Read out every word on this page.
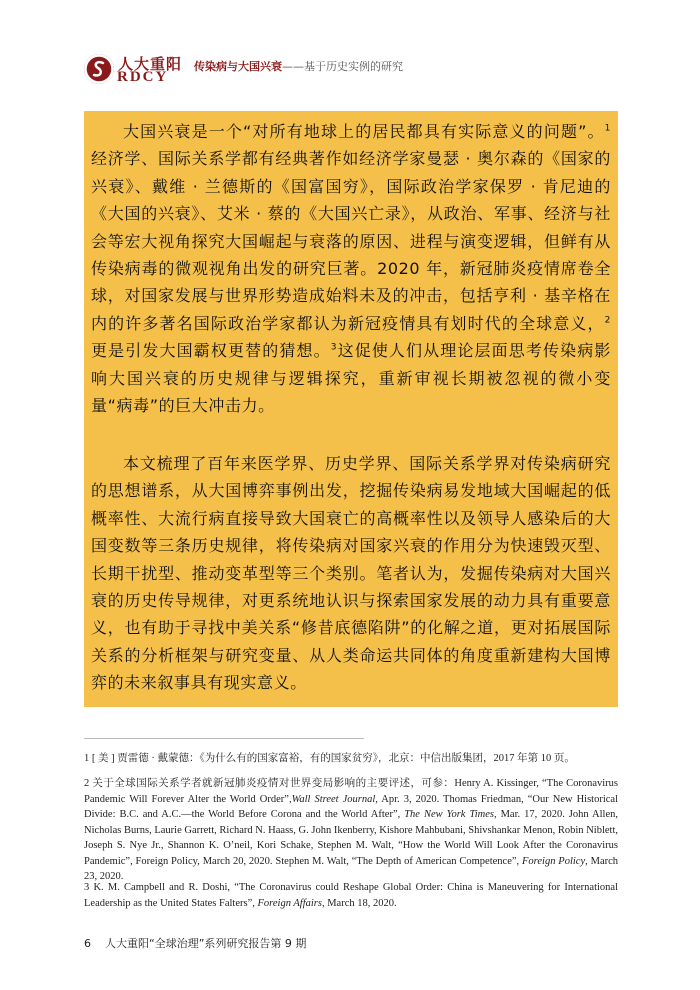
人大重阳
RDCY
传染病与大国兴衰——基于历史实例的研究
大国兴衰是一个“对所有地球上的居民都具有实际意义的问题”。$^1$经济学、国际关系学都有经典著作如经济学家曼瑟 · 奥尔森的《国家的兴衰》、戴维 · 兰德斯的《国富国穷》，国际政治学家保罗 · 肯尼迪的《大国的兴衰》、艾米 · 蔡的《大国兴亡录》，从政治、军事、经济与社会等宏大视角探究大国崛起与衰落的原因、进程与演变逻辑，但鲜有从传染病毒的微观视角出发的研究巨著。2020 年，新冠肺炎疫情席卷全球，对国家发展与世界形势造成始料未及的冲击，包括亨利 · 基辛格在内的许多著名国际政治学家都认为新冠疫情具有划时代的全球意义，$^2$更是引发大国霸权更替的猜想。$^3$这促使人们从理论层面思考传染病影响大国兴衰的历史规律与逻辑探究，重新审视长期被忽视的微小变量“病毒”的巨大冲击力。
本文梳理了百年来医学界、历史学界、国际关系学界对传染病研究的思想谱系，从大国博弈事例出发，挖掘传染病易发地域大国崛起的低概率性、大流行病直接导致大国衰亡的高概率性以及领导人感染后的大国变数等三条历史规律，将传染病对国家兴衰的作用分为快速毁灭型、长期干扰型、推动变革型等三个类别。笔者认为，发掘传染病对大国兴衰的历史传导规律，对更系统地认识与探索国家发展的动力具有重要意义，也有助于寻找中美关系“修昔底德陷阱”的化解之道，更对拓展国际关系的分析框架与研究变量、从人类命运共同体的角度重新建构大国博弈的未来叙事具有现实意义。
1 [ 美 ] 贾雷德 · 戴蒙德：《为什么有的国家富裕，有的国家贫穷》，北京：中信出版集团，2017 年第 10 页。
2 关于全球国际关系学者就新冠肺炎疫情对世界变局影响的主要评述，可参：Henry A. Kissinger, “The Coronavirus Pandemic Will Forever Alter the World Order”,Wall Street Journal, Apr. 3, 2020. Thomas Friedman, “Our New Historical Divide: B.C. and A.C.—the World Before Corona and the World After”, The New York Times, Mar. 17, 2020. John Allen, Nicholas Burns, Laurie Garrett, Richard N. Haass, G. John Ikenberry, Kishore Mahbubani, Shivshankar Menon, Robin Niblett, Joseph S. Nye Jr., Shannon K. O’neil, Kori Schake, Stephen M. Walt, “How the World Will Look After the Coronavirus Pandemic”, Foreign Policy, March 20, 2020. Stephen M. Walt, “The Depth of American Competence”, Foreign Policy, March 23, 2020.
3 K. M. Campbell and R. Doshi, “The Coronavirus could Reshape Global Order: China is Maneuvering for International Leadership as the United States Falters”, Foreign Affairs, March 18, 2020.
6 人大重阳“全球治理”系列研究报告第 9 期
